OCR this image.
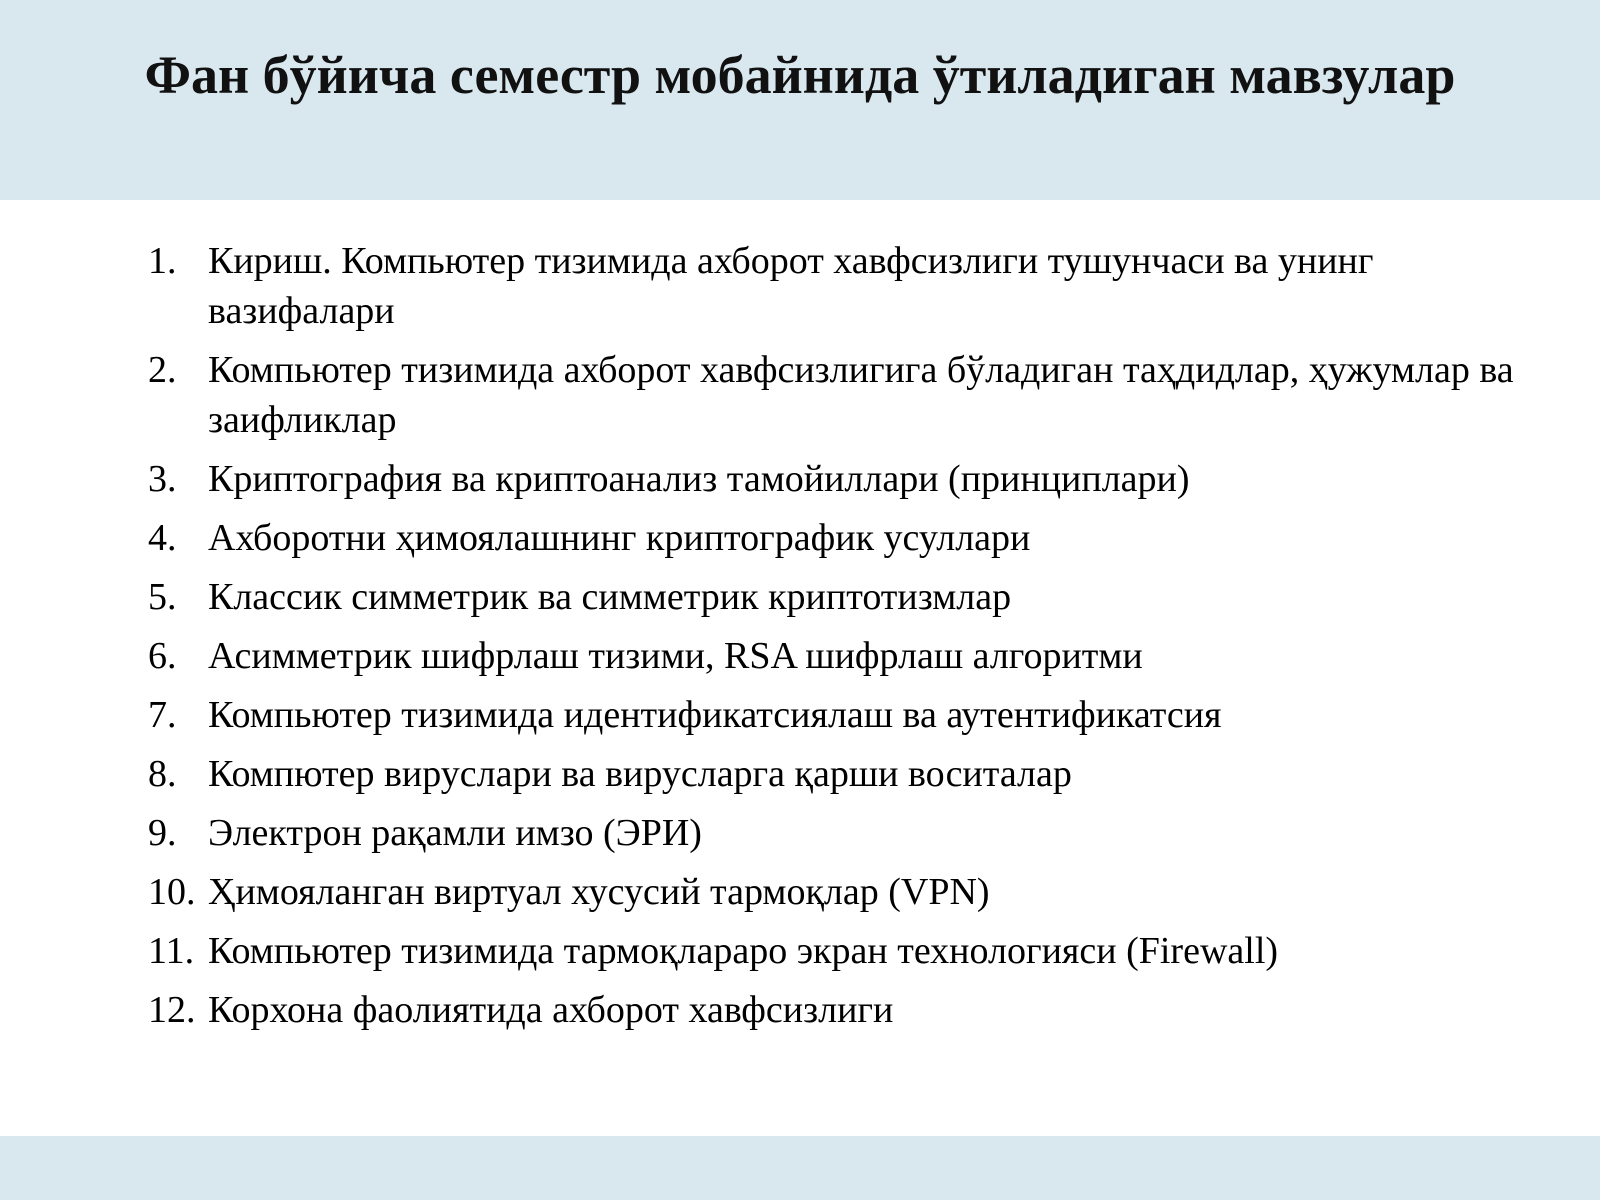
Фан бўйича семестр мобайнида ўтиладиган мавзулар
1. Кириш. Компьютер тизимида ахборот хавфсизлиги тушунчаси ва унинг вазифалари
2. Компьютер тизимида ахборот хавфсизлигига бўладиган таҳдидлар, ҳужумлар ва заифликлар
3. Криптография ва криптоанализ тамойиллари (принциплари)
4. Ахборотни ҳимоялашнинг криптографик усуллари
5. Классик симметрик ва симметрик криптотизмлар
6. Асимметрик шифрлаш тизими, RSA шифрлаш алгоритми
7. Компьютер тизимида идентификатсиялаш ва аутентификатсия
8. Компютер вируслари ва вирусларга қарши воситалар
9. Электрон рақамли имзо (ЭРИ)
10. Ҳимояланган виртуал хусусий тармоқлар (VPN)
11. Компьютер тизимида тармоқлараро экран технологияси (Firewall)
12. Корхона фаолиятида ахборот хавфсизлиги
